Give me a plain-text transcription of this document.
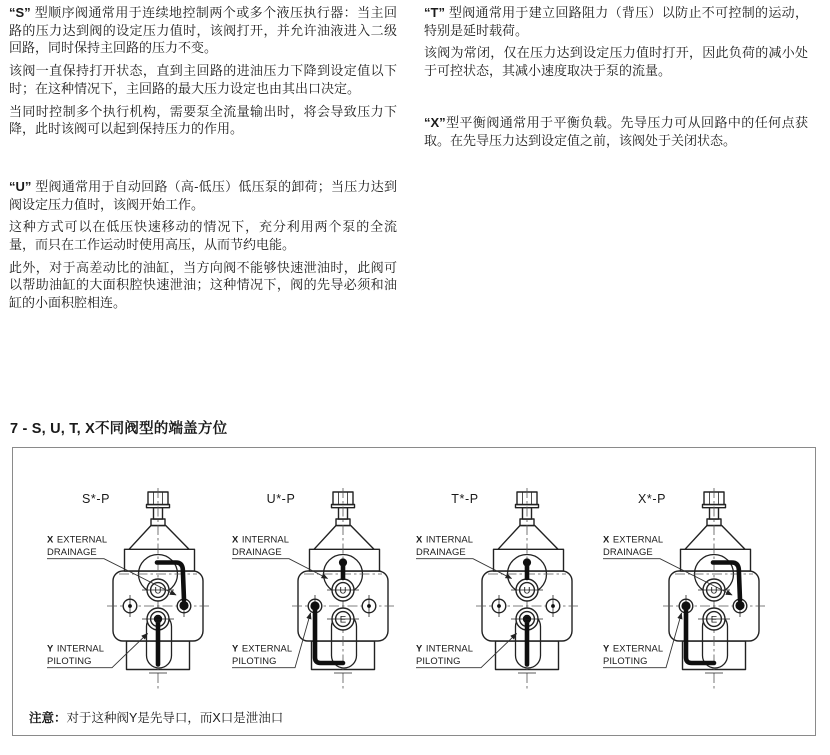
“S” 型顺序阀通常用于连续地控制两个或多个液压执行器：当主回路的压力达到阀的设定压力值时，该阀打开，并允许油液进入二级回路，同时保持主回路的压力不变。

该阀一直保持打开状态，直到主回路的进油压力下降到设定值以下时；在这种情况下，主回路的最大压力设定也由其出口决定。

当同时控制多个执行机构，需要泵全流量输出时，将会导致压力下降，此时该阀可以起到保持压力的作用。

“U” 型阀通常用于自动回路（高-低压）低压泵的卸荷；当压力达到阀设定压力值时，该阀开始工作。

这种方式可以在低压快速移动的情况下，充分利用两个泵的全流量，而只在工作运动时使用高压，从而节约电能。

此外，对于高差动比的油缸，当方向阀不能够快速泄油时，此阀可以帮助油缸的大面积腔快速泄油；这种情况下，阀的先导必须和油缸的小面积腔相连。

“T” 型阀通常用于建立回路阻力（背压）以防止不可控制的运动，特别是延时载荷。

该阀为常闭，仅在压力达到设定压力值时打开，因此负荷的减小处于可控状态，其减小速度取决于泵的流量。

“X”型平衡阀通常用于平衡负载。先导压力可从回路中的任何点获取。在先导压力达到设定值之前，该阀处于关闭状态。

7 - S, U, T, X不同阀型的端盖方位
S*-P
X EXTERNAL
DRAINAGE
Y INTERNAL
PILOTING
U
E
U*-P
X INTERNAL
DRAINAGE
Y EXTERNAL
PILOTING
U
E
T*-P
X INTERNAL
DRAINAGE
Y INTERNAL
PILOTING
U
E
X*-P
X EXTERNAL
DRAINAGE
Y EXTERNAL
PILOTING
U
E
注意：对于这种阀Y是先导口，而X口是泄油口
